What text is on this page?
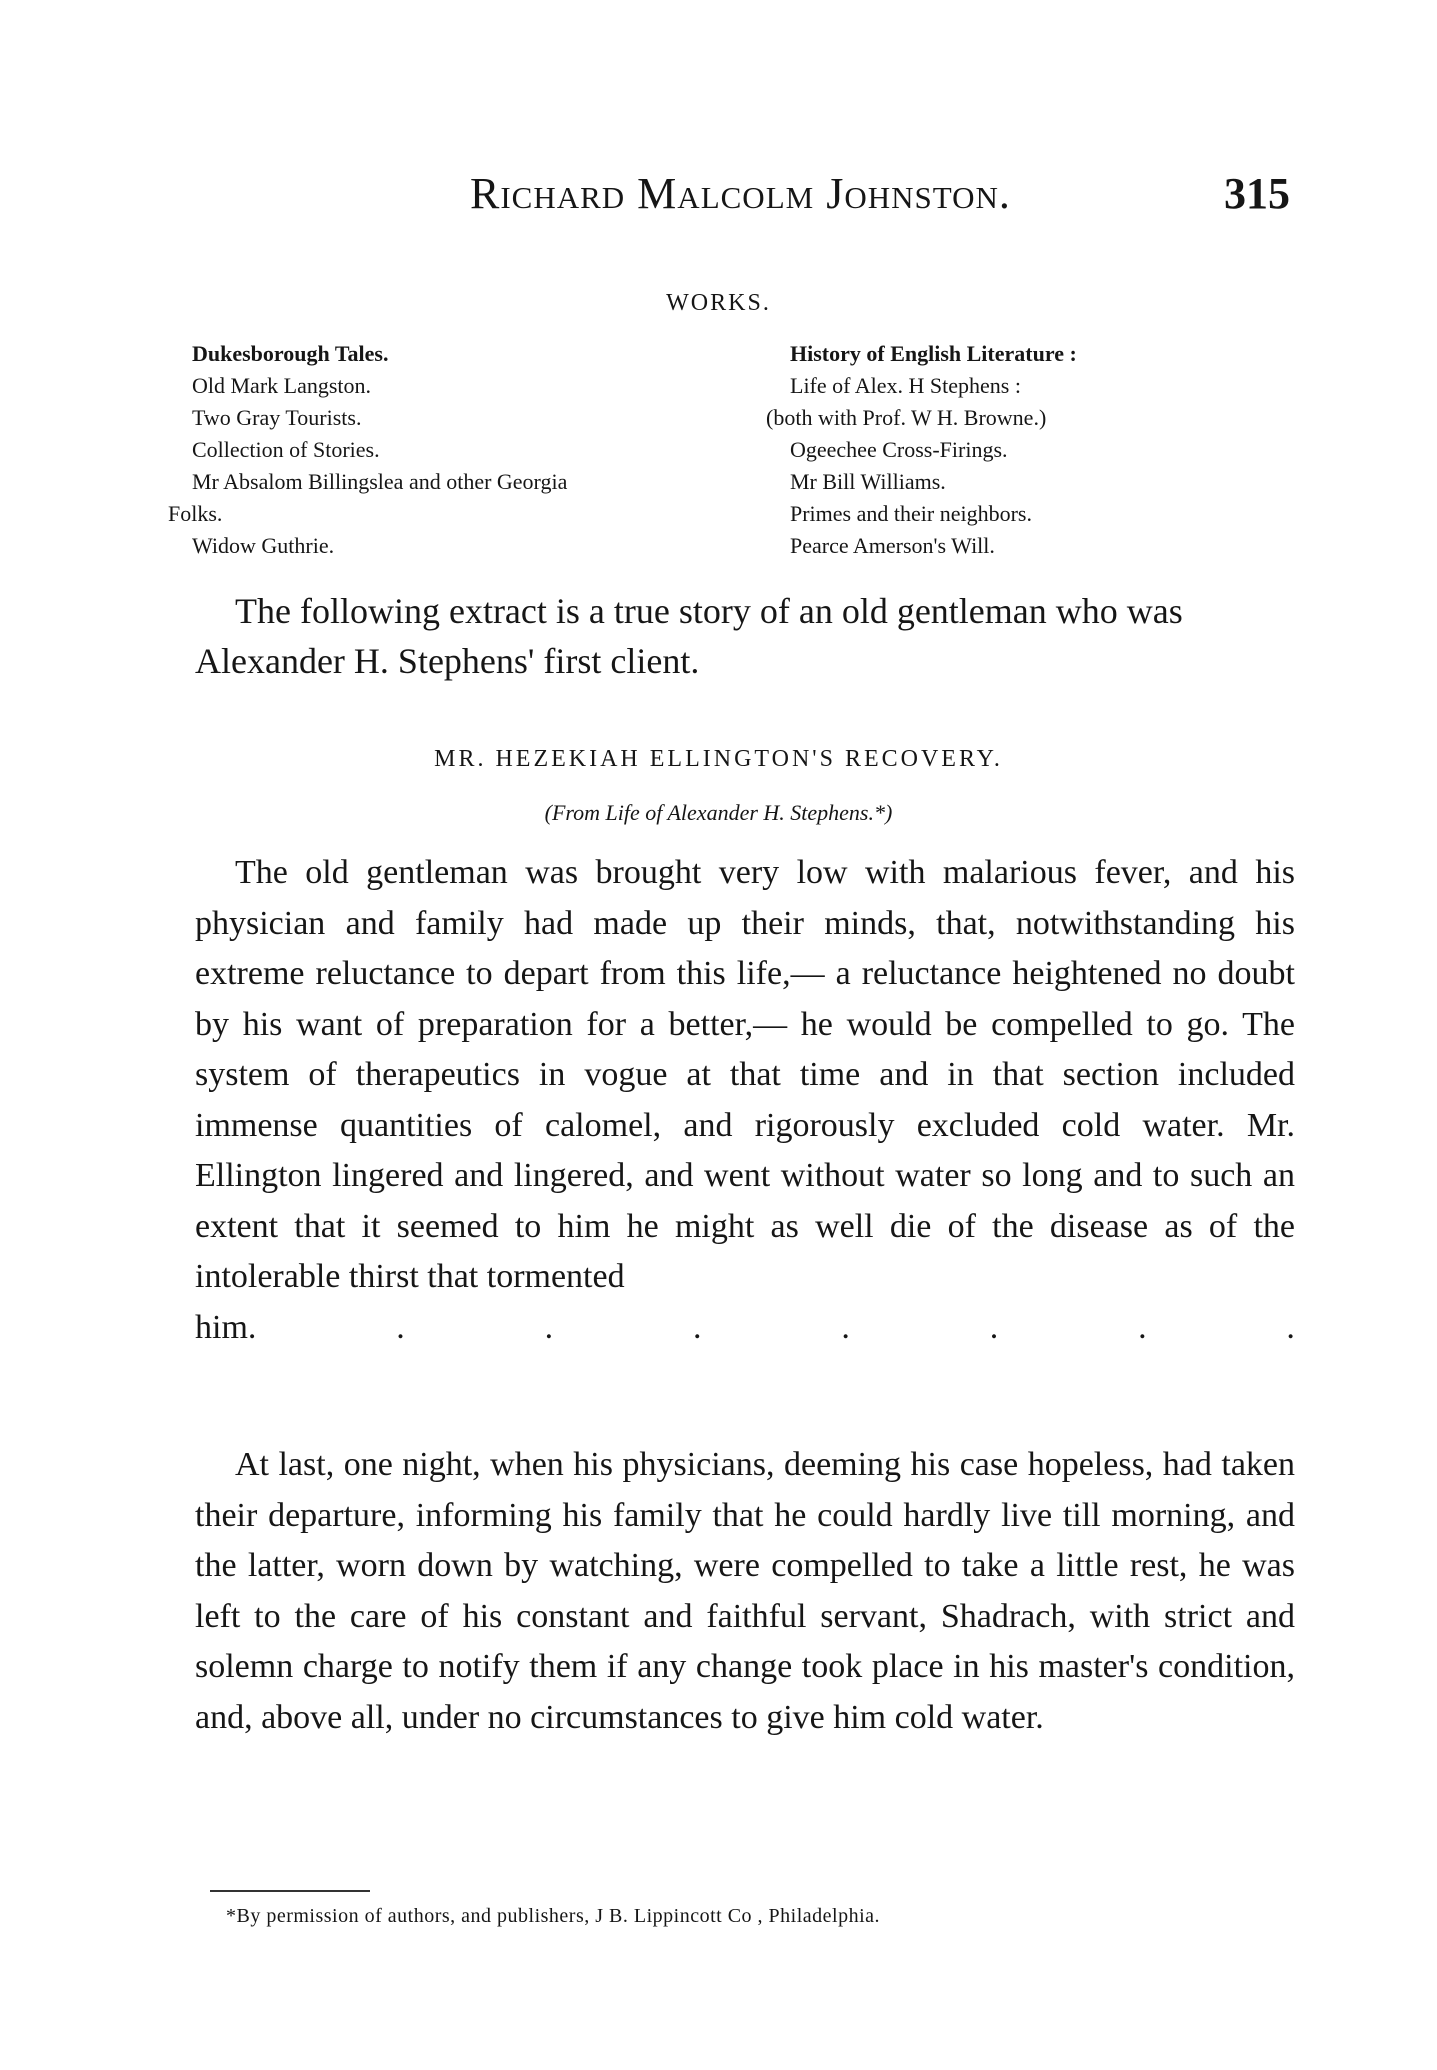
Richard Malcolm Johnston.	315
WORKS.
Dukesborough Tales.
Old Mark Langston.
Two Gray Tourists.
Collection of Stories.
Mr Absalom Billingslea and other Georgia
Folks.
Widow Guthrie.
History of English Literature :
Life of Alex. H Stephens :
(both with Prof. W H. Browne.)
Ogeechee Cross-Firings.
Mr Bill Williams.
Primes and their neighbors.
Pearce Amerson's Will.
The following extract is a true story of an old gentleman who was Alexander H. Stephens' first client.
MR. HEZEKIAH ELLINGTON'S RECOVERY.
(From Life of Alexander H. Stephens.*)

The old gentleman was brought very low with malarious fever, and his physician and family had made up their minds, that, notwithstanding his extreme reluctance to depart from this life,— a reluctance heightened no doubt by his want of preparation for a better,— he would be compelled to go. The system of therapeutics in vogue at that time and in that section included immense quantities of calomel, and rigorously excluded cold water. Mr. Ellington lingered and lingered, and went without water so long and to such an extent that it seemed to him he might as well die of the disease as of the intolerable thirst that tormented

him.	.	.	.	.	.	.	.

At last, one night, when his physicians, deeming his case hopeless, had taken their departure, informing his family that he could hardly live till morning, and the latter, worn down by watching, were compelled to take a little rest, he was left to the care of his constant and faithful servant, Shadrach, with strict and solemn charge to notify them if any change took place in his master's condition, and, above all, under no circumstances to give him cold water.

*By permission of authors, and publishers, J B. Lippincott Co , Philadelphia.
